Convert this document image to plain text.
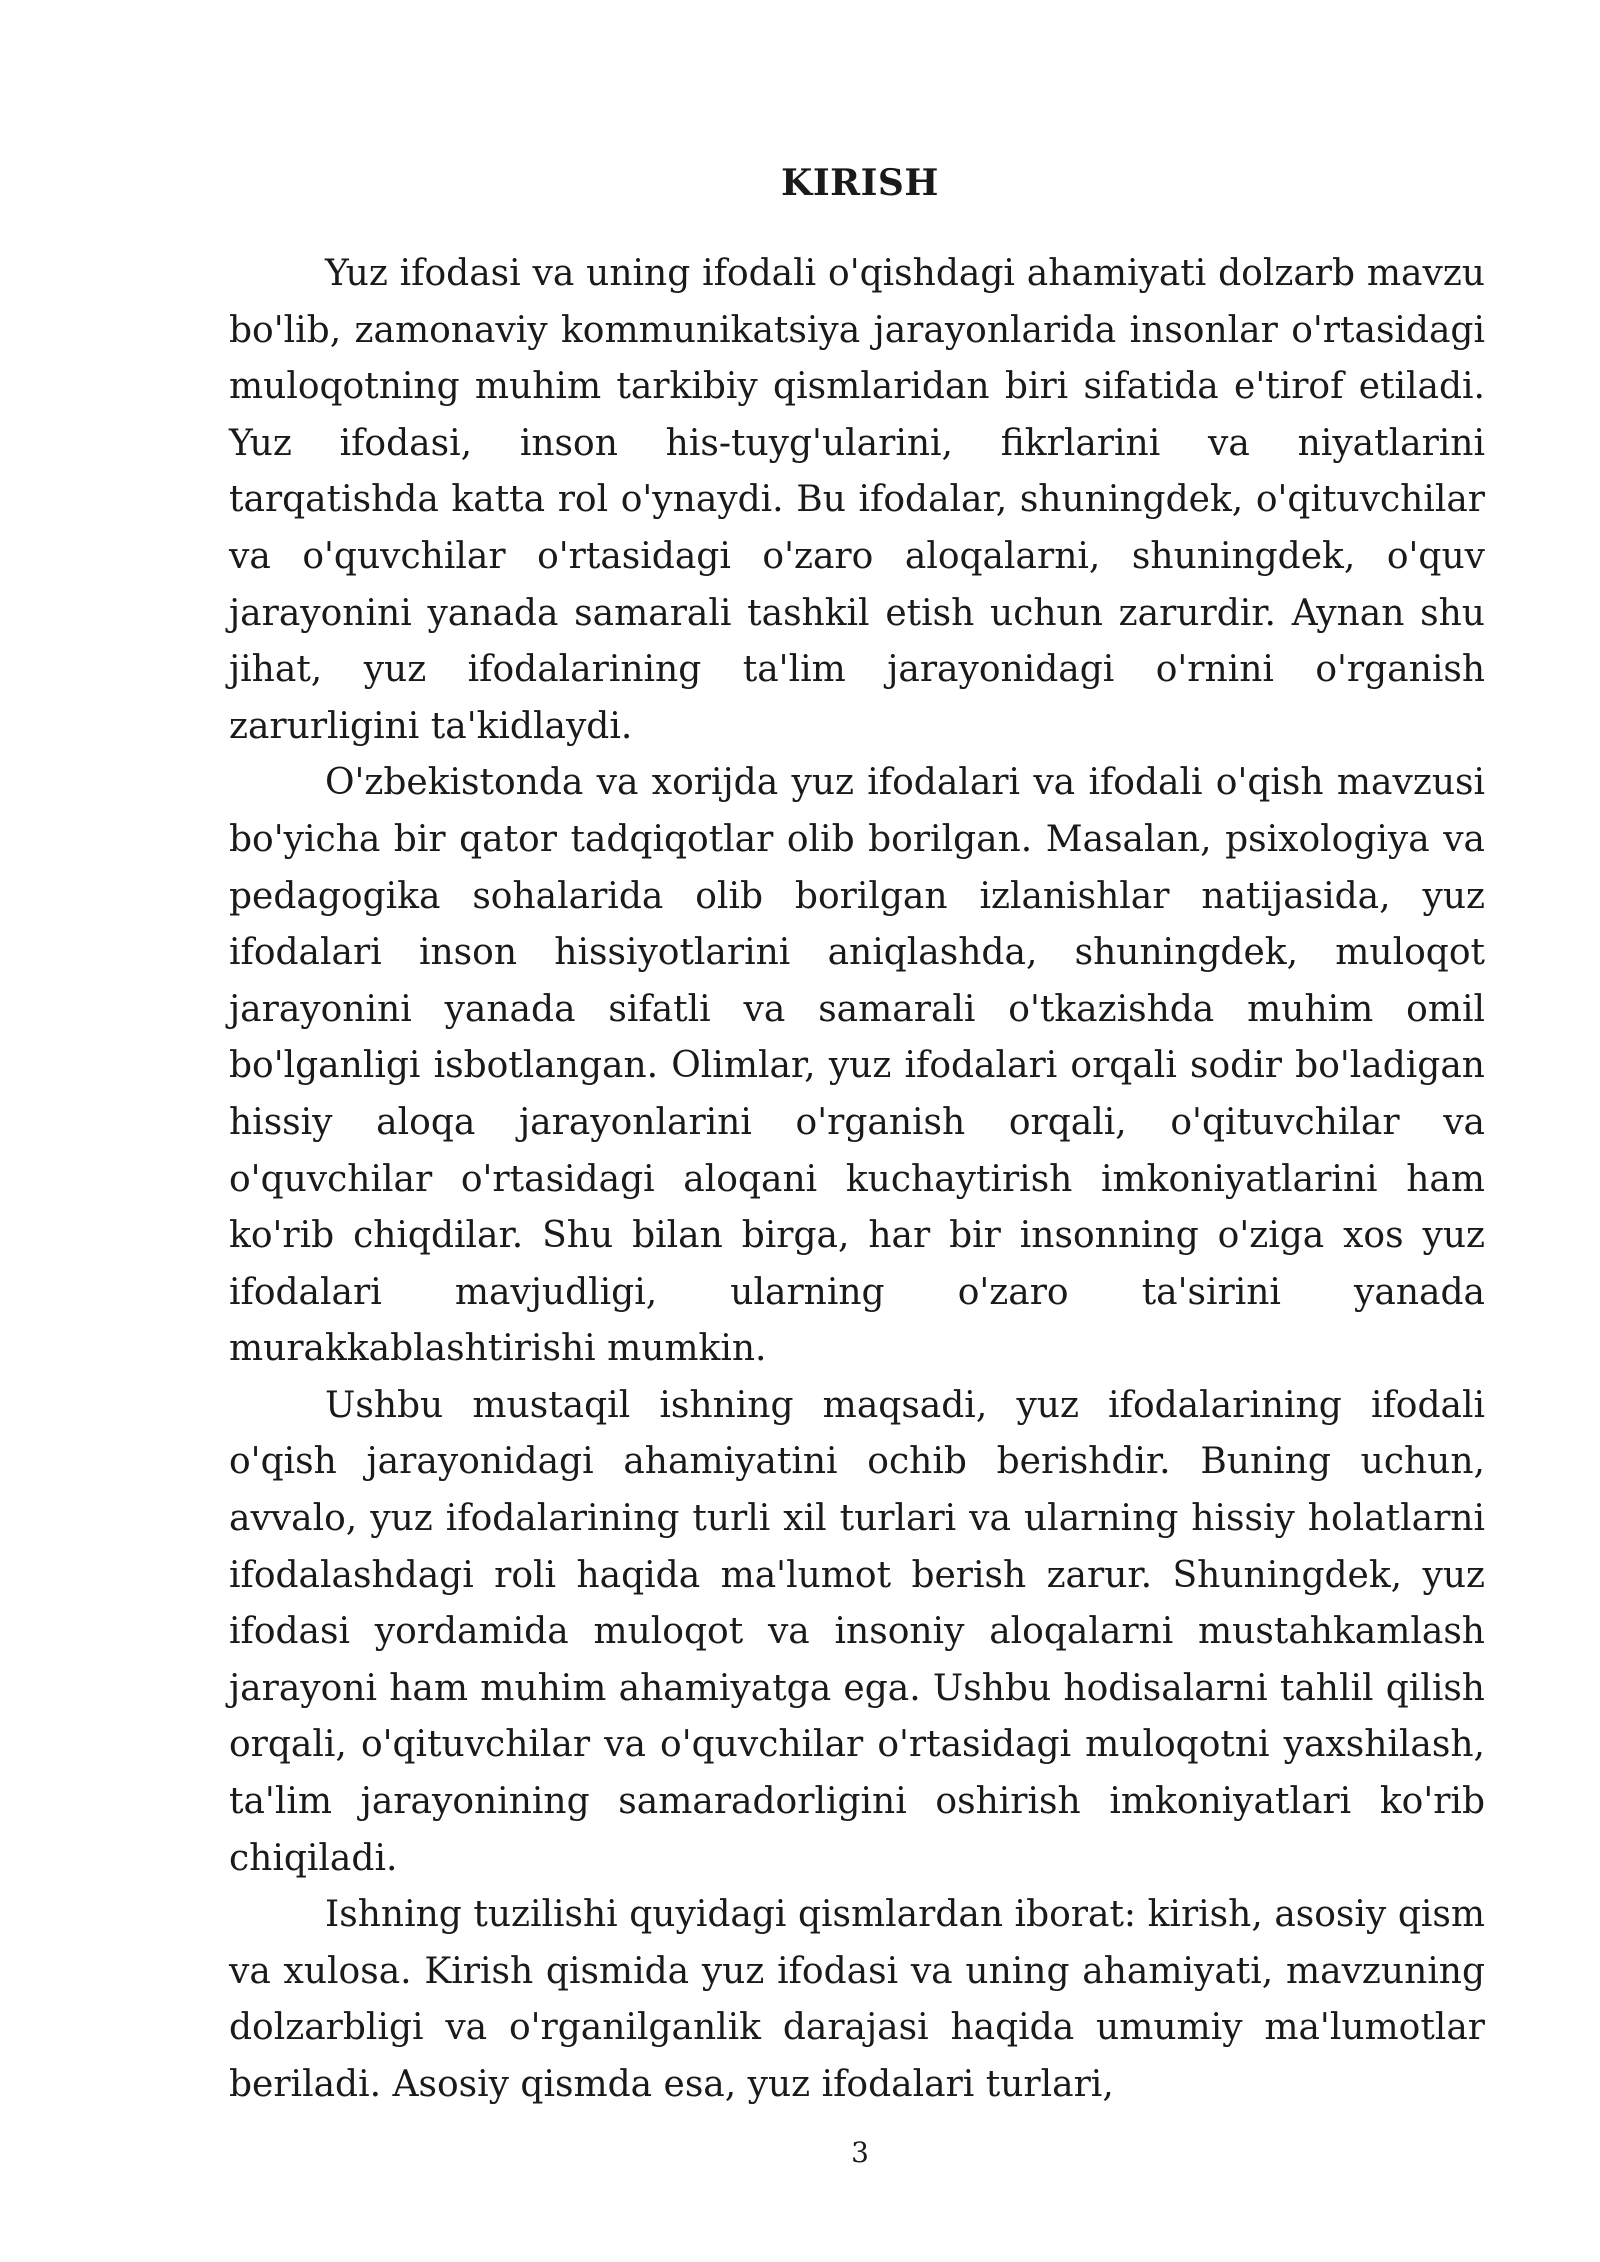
KIRISH

Yuz ifodasi va uning ifodali o'qishdagi ahamiyati dolzarb mavzu bo'lib, zamonaviy kommunikatsiya jarayonlarida insonlar o'rtasidagi muloqotning muhim tarkibiy qismlaridan biri sifatida e'tirof etiladi. Yuz ifodasi, inson his-tuyg'ularini, fikrlarini va niyatlarini tarqatishda katta rol o'ynaydi. Bu ifodalar, shuningdek, o'qituvchilar va o'quvchilar o'rtasidagi o'zaro aloqalarni, shuningdek, o'quv jarayonini yanada samarali tashkil etish uchun zarurdir. Aynan shu jihat, yuz ifodalarining ta'lim jarayonidagi o'rnini o'rganish zarurligini ta'kidlaydi.

O'zbekistonda va xorijda yuz ifodalari va ifodali o'qish mavzusi bo'yicha bir qator tadqiqotlar olib borilgan. Masalan, psixologiya va pedagogika sohalarida olib borilgan izlanishlar natijasida, yuz ifodalari inson hissiyotlarini aniqlashda, shuningdek, muloqot jarayonini yanada sifatli va samarali o'tkazishda muhim omil bo'lganligi isbotlangan. Olimlar, yuz ifodalari orqali sodir bo'ladigan hissiy aloqa jarayonlarini o'rganish orqali, o'qituvchilar va o'quvchilar o'rtasidagi aloqani kuchaytirish imkoniyatlarini ham ko'rib chiqdilar. Shu bilan birga, har bir insonning o'ziga xos yuz ifodalari mavjudligi, ularning o'zaro ta'sirini yanada murakkablashtirishi mumkin.

Ushbu mustaqil ishning maqsadi, yuz ifodalarining ifodali o'qish jarayonidagi ahamiyatini ochib berishdir. Buning uchun, avvalo, yuz ifodalarining turli xil turlari va ularning hissiy holatlarni ifodalashdagi roli haqida ma'lumot berish zarur. Shuningdek, yuz ifodasi yordamida muloqot va insoniy aloqalarni mustahkamlash jarayoni ham muhim ahamiyatga ega. Ushbu hodisalarni tahlil qilish orqali, o'qituvchilar va o'quvchilar o'rtasidagi muloqotni yaxshilash, ta'lim jarayonining samaradorligini oshirish imkoniyatlari ko'rib chiqiladi.

Ishning tuzilishi quyidagi qismlardan iborat: kirish, asosiy qism va xulosa. Kirish qismida yuz ifodasi va uning ahamiyati, mavzuning dolzarbligi va o'rganilganlik darajasi haqida umumiy ma'lumotlar beriladi. Asosiy qismda esa, yuz ifodalari turlari,

3
